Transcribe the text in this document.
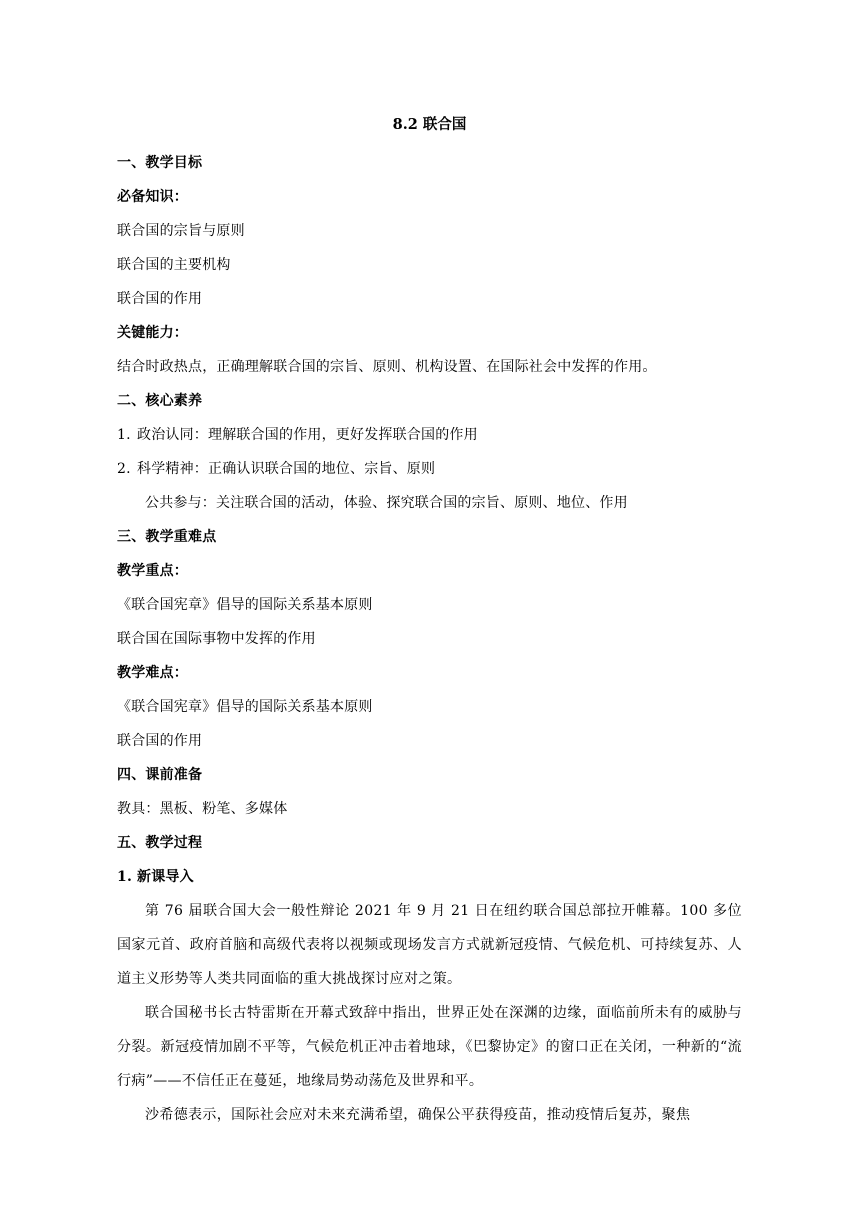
8.2 联合国
一、教学目标
必备知识：
联合国的宗旨与原则
联合国的主要机构
联合国的作用
关键能力：
结合时政热点，正确理解联合国的宗旨、原则、机构设置、在国际社会中发挥的作用。
二、核心素养
1. 政治认同：理解联合国的作用，更好发挥联合国的作用
2. 科学精神：正确认识联合国的地位、宗旨、原则
公共参与：关注联合国的活动，体验、探究联合国的宗旨、原则、地位、作用
三、教学重难点
教学重点：
《联合国宪章》倡导的国际关系基本原则
联合国在国际事物中发挥的作用
教学难点：
《联合国宪章》倡导的国际关系基本原则
联合国的作用
四、课前准备
教具：黑板、粉笔、多媒体
五、教学过程
1. 新课导入

第 76 届联合国大会一般性辩论 2021 年 9 月 21 日在纽约联合国总部拉开帷幕。100 多位国家元首、政府首脑和高级代表将以视频或现场发言方式就新冠疫情、气候危机、可持续复苏、人道主义形势等人类共同面临的重大挑战探讨应对之策。

联合国秘书长古特雷斯在开幕式致辞中指出，世界正处在深渊的边缘，面临前所未有的威胁与分裂。新冠疫情加剧不平等，气候危机正冲击着地球，《巴黎协定》的窗口正在关闭，一种新的“流行病”——不信任正在蔓延，地缘局势动荡危及世界和平。

沙希德表示，国际社会应对未来充满希望，确保公平获得疫苗，推动疫情后复苏，聚焦
